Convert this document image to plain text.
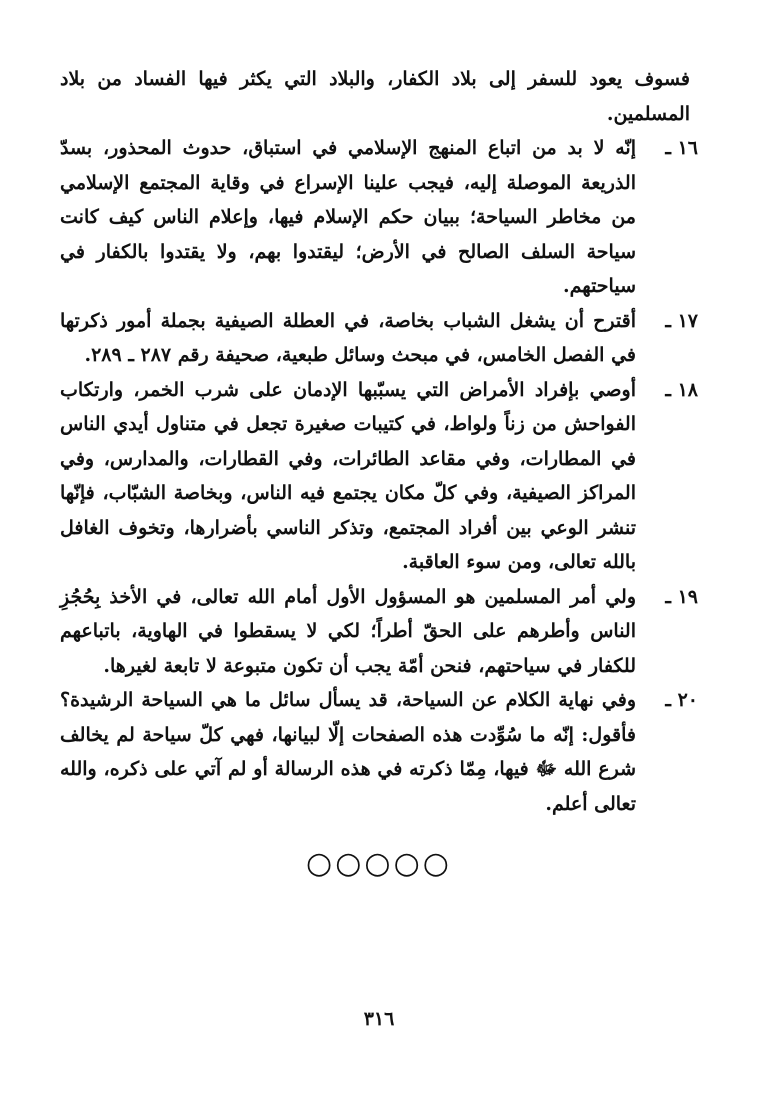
فسوف يعود للسفر إلى بلاد الكفار، والبلاد التي يكثر فيها الفساد من بلاد المسلمين.

١٦ ـ

إنّه لا بد من اتباع المنهج الإسلامي في استباق، حدوث المحذور، بسدّ الذريعة الموصلة إليه، فيجب علينا الإسراع في وقاية المجتمع الإسلامي من مخاطر السياحة؛ ببيان حكم الإسلام فيها، وإعلام الناس كيف كانت سياحة السلف الصالح في الأرض؛ ليقتدوا بهم، ولا يقتدوا بالكفار في سياحتهم.

١٧ ـ

أقترح أن يشغل الشباب بخاصة، في العطلة الصيفية بجملة أمور ذكرتها في الفصل الخامس، في مبحث وسائل طبعية، صحيفة رقم ٢٨٧ ـ ٢٨٩.

١٨ ـ

أوصي بإفراد الأمراض التي يسبّبها الإدمان على شرب الخمر، وارتكاب الفواحش من زناً ولواط، في كتيبات صغيرة تجعل في متناول أيدي الناس في المطارات، وفي مقاعد الطائرات، وفي القطارات، والمدارس، وفي المراكز الصيفية، وفي كلّ مكان يجتمع فيه الناس، وبخاصة الشبّاب، فإنّها تنشر الوعي بين أفراد المجتمع، وتذكر الناسي بأضرارها، وتخوف الغافل بالله تعالى، ومن سوء العاقبة.

١٩ ـ

ولي أمر المسلمين هو المسؤول الأول أمام الله تعالى، في الأخذ بِحُجُزِ الناس وأطرهم على الحقّ أطراً؛ لكي لا يسقطوا في الهاوية، باتباعهم للكفار في سياحتهم، فنحن أمّة يجب أن تكون متبوعة لا تابعة لغيرها.

٢٠ ـ

وفي نهاية الكلام عن السياحة، قد يسأل سائل ما هي السياحة الرشيدة؟ فأقول: إنّه ما سُوِّدت هذه الصفحات إلّا لبيانها، فهي كلّ سياحة لم يخالف شرع الله ﷻ فيها، مِمّا ذكرته في هذه الرسالة أو لم آتي على ذكره، والله تعالى أعلم.

○○○○○
٣١٦
